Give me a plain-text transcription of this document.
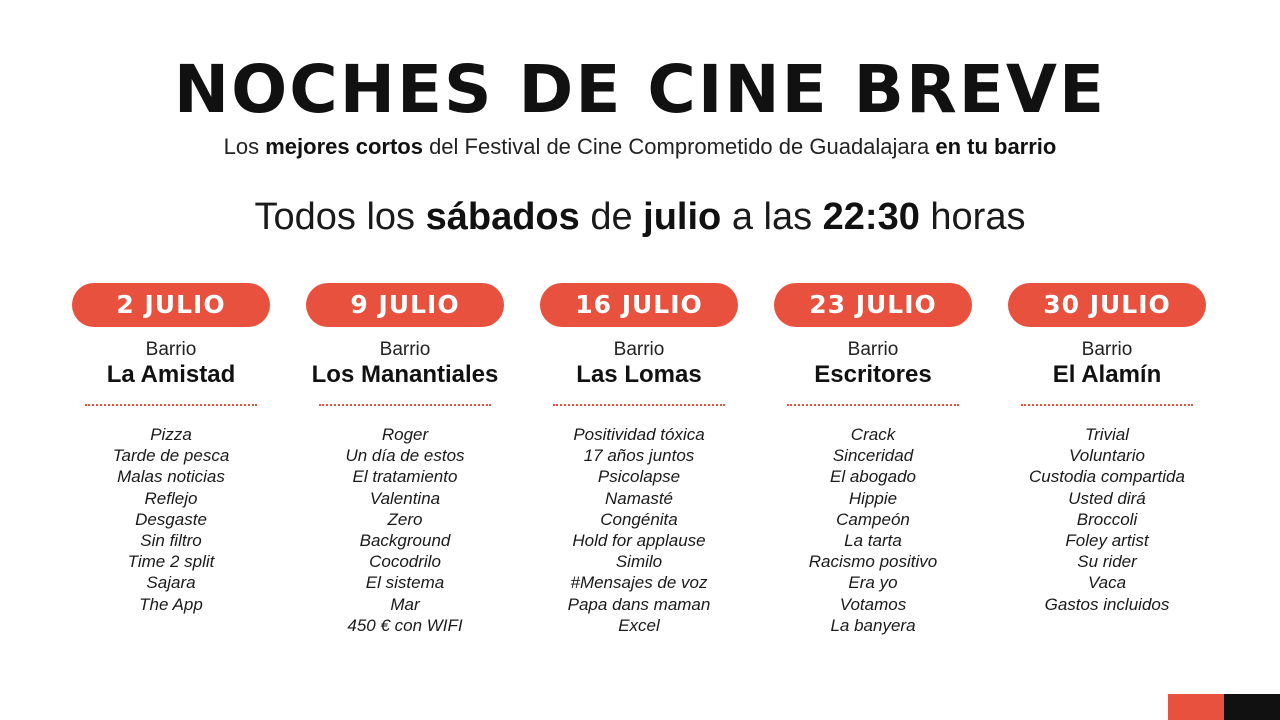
NOCHES DE CINE BREVE
Los mejores cortos del Festival de Cine Comprometido de Guadalajara en tu barrio
Todos los sábados de julio a las 22:30 horas
2 JULIO
Barrio
La Amistad
Pizza
Tarde de pesca
Malas noticias
Reflejo
Desgaste
Sin filtro
Time 2 split
Sajara
The App
9 JULIO
Barrio
Los Manantiales
Roger
Un día de estos
El tratamiento
Valentina
Zero
Background
Cocodrilo
El sistema
Mar
450 € con WIFI
16 JULIO
Barrio
Las Lomas
Positividad tóxica
17 años juntos
Psicolapse
Namasté
Congénita
Hold for applause
Similo
#Mensajes de voz
Papa dans maman
Excel
23 JULIO
Barrio
Escritores
Crack
Sinceridad
El abogado
Hippie
Campeón
La tarta
Racismo positivo
Era yo
Votamos
La banyera
30 JULIO
Barrio
El Alamín
Trivial
Voluntario
Custodia compartida
Usted dirá
Broccoli
Foley artist
Su rider
Vaca
Gastos incluidos
